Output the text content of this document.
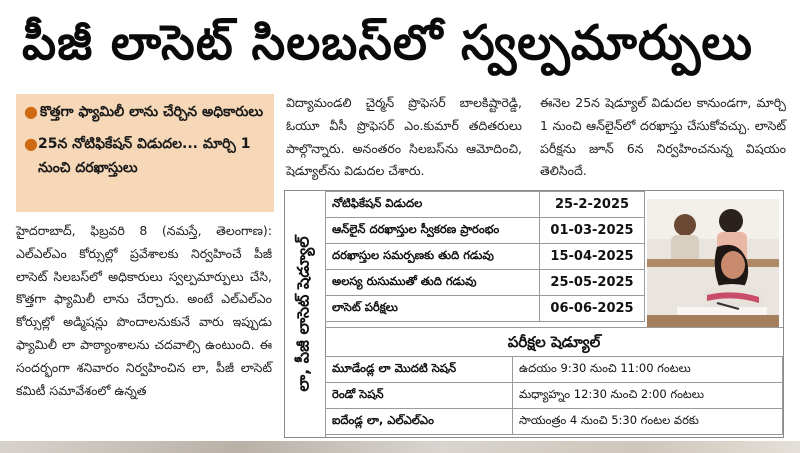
పీజీ లాసెట్ సిలబస్‌లో స్వల్పమార్పులు
● కొత్తగా ఫ్యామిలీ లాను చేర్చిన అధికారులు
● 25న నోటిఫికేషన్ విడుదల... మార్చి 1 నుంచి దరఖాస్తులు
హైదరాబాద్, ఫిబ్రవరి 8 (నమస్తే, తెలంగాణ): ఎల్‌ఎల్‌ఎం కోర్సుల్లో ప్రవేశాలకు నిర్వహించే పీజీ లాసెట్ సిలబస్‌లో అధికారులు స్వల్పమార్పులు చేసి, కొత్తగా ఫ్యామిలీ లాను చేర్చారు. అంటే ఎల్‌ఎల్‌ఎం కోర్సుల్లో అడ్మిషన్లు పొందాలనుకునే వారు ఇప్పుడు ఫ్యామిలీ లా పాఠ్యాంశాలను చదవాల్సి ఉంటుంది. ఈ సందర్భంగా శనివారం నిర్వహించిన లా, పీజీ లాసెట్ కమిటీ సమావేశంలో ఉన్నత
విద్యామండలి చైర్మన్ ప్రొఫెసర్ బాలకిష్టారెడ్డి, ఓయూ వీసీ ప్రొఫెసర్ ఎం.కుమార్ తదితరులు పాల్గొన్నారు. అనంతరం సిలబస్‌ను ఆమోదించి, షెడ్యూల్‌ను విడుదల చేశారు.
ఈనెల 25న షెడ్యూల్ విడుదల కానుండగా, మార్చి 1 నుంచి ఆన్‌లైన్‌లో దరఖాస్తు చేసుకోవచ్చు. లాసెట్ పరీక్షను జూన్ 6న నిర్వహించనున్న విషయం తెలిసిందే.
లా, పీజీ లాసెట్ షెడ్యూల్
నోటిఫికేషన్ విడుదల	25-2-2025
ఆన్‌లైన్ దరఖాస్తుల స్వీకరణ ప్రారంభం	01-03-2025
దరఖాస్తుల సమర్పణకు తుది గడువు	15-04-2025
అలస్య రుసుముతో తుది గడువు	25-05-2025
లాసెట్ పరీక్షలు	06-06-2025
పరీక్షల షెడ్యూల్
మూడేండ్ల లా మొదటి సెషన్	ఉదయం 9:30 నుంచి 11:00 గంటలు
రెండో సెషన్	మధ్యాహ్నం 12:30 నుంచి 2:00 గంటలు
ఐదేండ్ల లా, ఎల్ఎల్ఎం	సాయంత్రం 4 నుంచి 5:30 గంటల వరకు
